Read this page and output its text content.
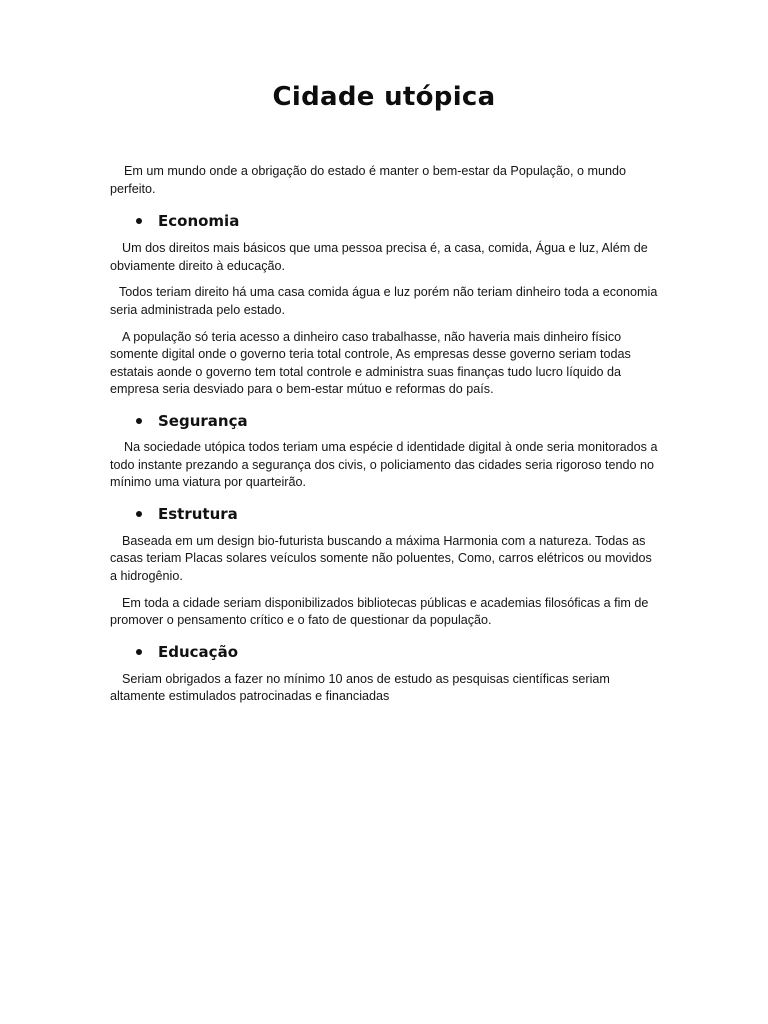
Cidade utópica

Em um mundo onde a obrigação do estado é manter o bem-estar da População, o mundo perfeito.

Economia

Um dos direitos mais básicos que uma pessoa precisa é, a casa, comida, Água e luz, Além de obviamente direito à educação.

Todos teriam direito há uma casa comida água e luz porém não teriam dinheiro toda a economia seria administrada pelo estado.

A população só teria acesso a dinheiro caso trabalhasse, não haveria mais dinheiro físico somente digital onde o governo teria total controle, As empresas desse governo seriam todas estatais aonde o governo tem total controle e administra suas finanças tudo lucro líquido da empresa seria desviado para o bem-estar mútuo e reformas do país.

Segurança

Na sociedade utópica todos teriam uma espécie d identidade digital à onde seria monitorados a todo instante prezando a segurança dos civis, o policiamento das cidades seria rigoroso tendo no mínimo uma viatura por quarteirão.

Estrutura

Baseada em um design bio-futurista buscando a máxima Harmonia com a natureza. Todas as casas teriam Placas solares veículos somente não poluentes, Como, carros elétricos ou movidos a hidrogênio.

Em toda a cidade seriam disponibilizados bibliotecas públicas e academias filosóficas a fim de promover o pensamento crítico e o fato de questionar da população.

Educação

Seriam obrigados a fazer no mínimo 10 anos de estudo as pesquisas científicas seriam altamente estimulados patrocinadas e financiadas
